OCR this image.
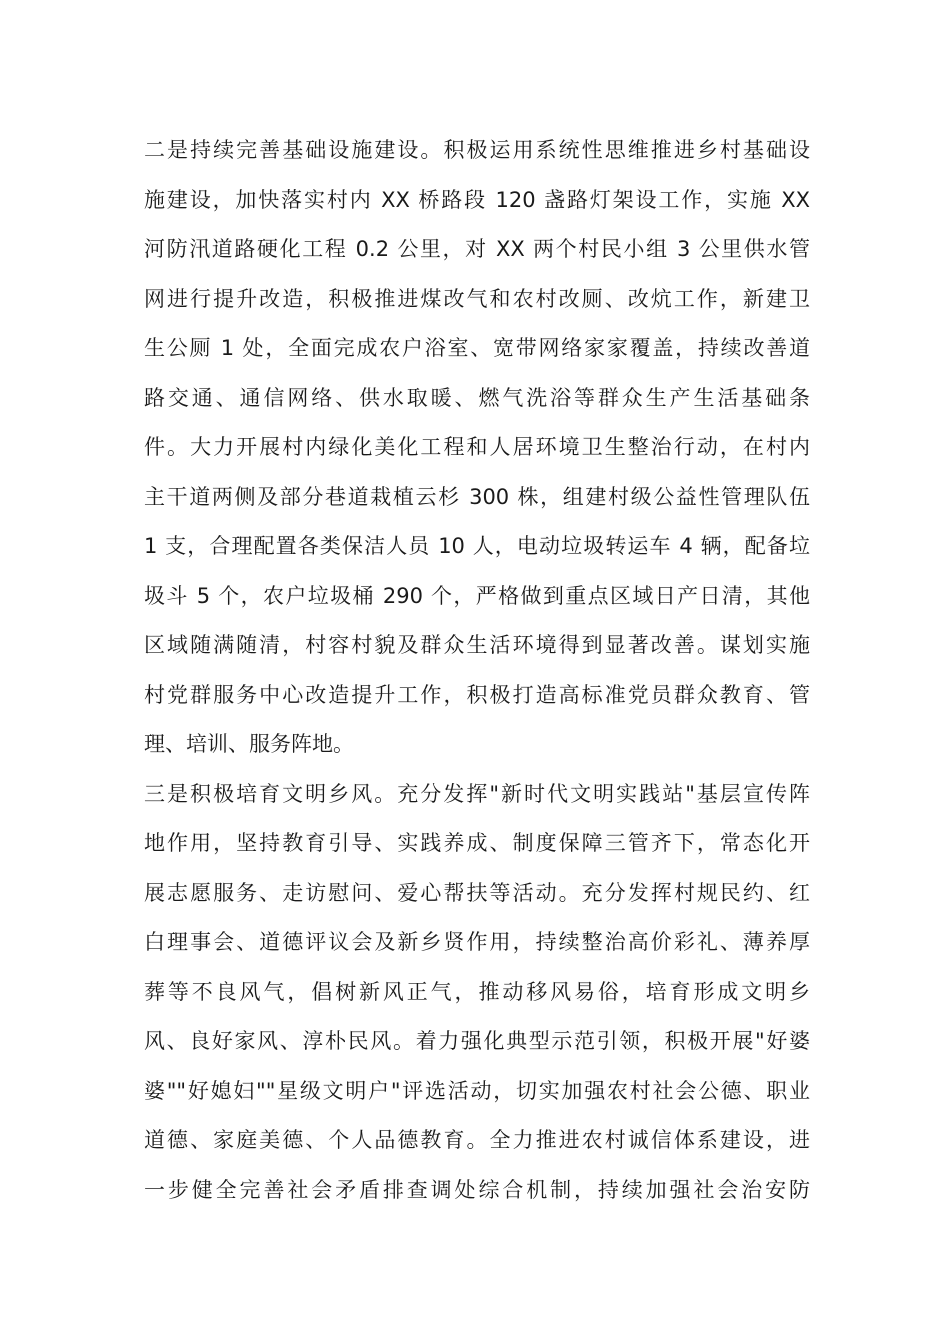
二是持续完善基础设施建设。积极运用系统性思维推进乡村基础设
施建设，加快落实村内 XX 桥路段 120 盏路灯架设工作，实施 XX
河防汛道路硬化工程 0.2 公里，对 XX 两个村民小组 3 公里供水管
网进行提升改造，积极推进煤改气和农村改厕、改炕工作，新建卫
生公厕 1 处，全面完成农户浴室、宽带网络家家覆盖，持续改善道
路交通、通信网络、供水取暖、燃气洗浴等群众生产生活基础条
件。大力开展村内绿化美化工程和人居环境卫生整治行动，在村内
主干道两侧及部分巷道栽植云杉 300 株，组建村级公益性管理队伍
1 支，合理配置各类保洁人员 10 人，电动垃圾转运车 4 辆，配备垃
圾斗 5 个，农户垃圾桶 290 个，严格做到重点区域日产日清，其他
区域随满随清，村容村貌及群众生活环境得到显著改善。谋划实施
村党群服务中心改造提升工作，积极打造高标准党员群众教育、管
理、培训、服务阵地。
三是积极培育文明乡风。充分发挥"新时代文明实践站"基层宣传阵
地作用，坚持教育引导、实践养成、制度保障三管齐下，常态化开
展志愿服务、走访慰问、爱心帮扶等活动。充分发挥村规民约、红
白理事会、道德评议会及新乡贤作用，持续整治高价彩礼、薄养厚
葬等不良风气，倡树新风正气，推动移风易俗，培育形成文明乡
风、良好家风、淳朴民风。着力强化典型示范引领，积极开展"好婆
婆""好媳妇""星级文明户"评选活动，切实加强农村社会公德、职业
道德、家庭美德、个人品德教育。全力推进农村诚信体系建设，进
一步健全完善社会矛盾排查调处综合机制，持续加强社会治安防
